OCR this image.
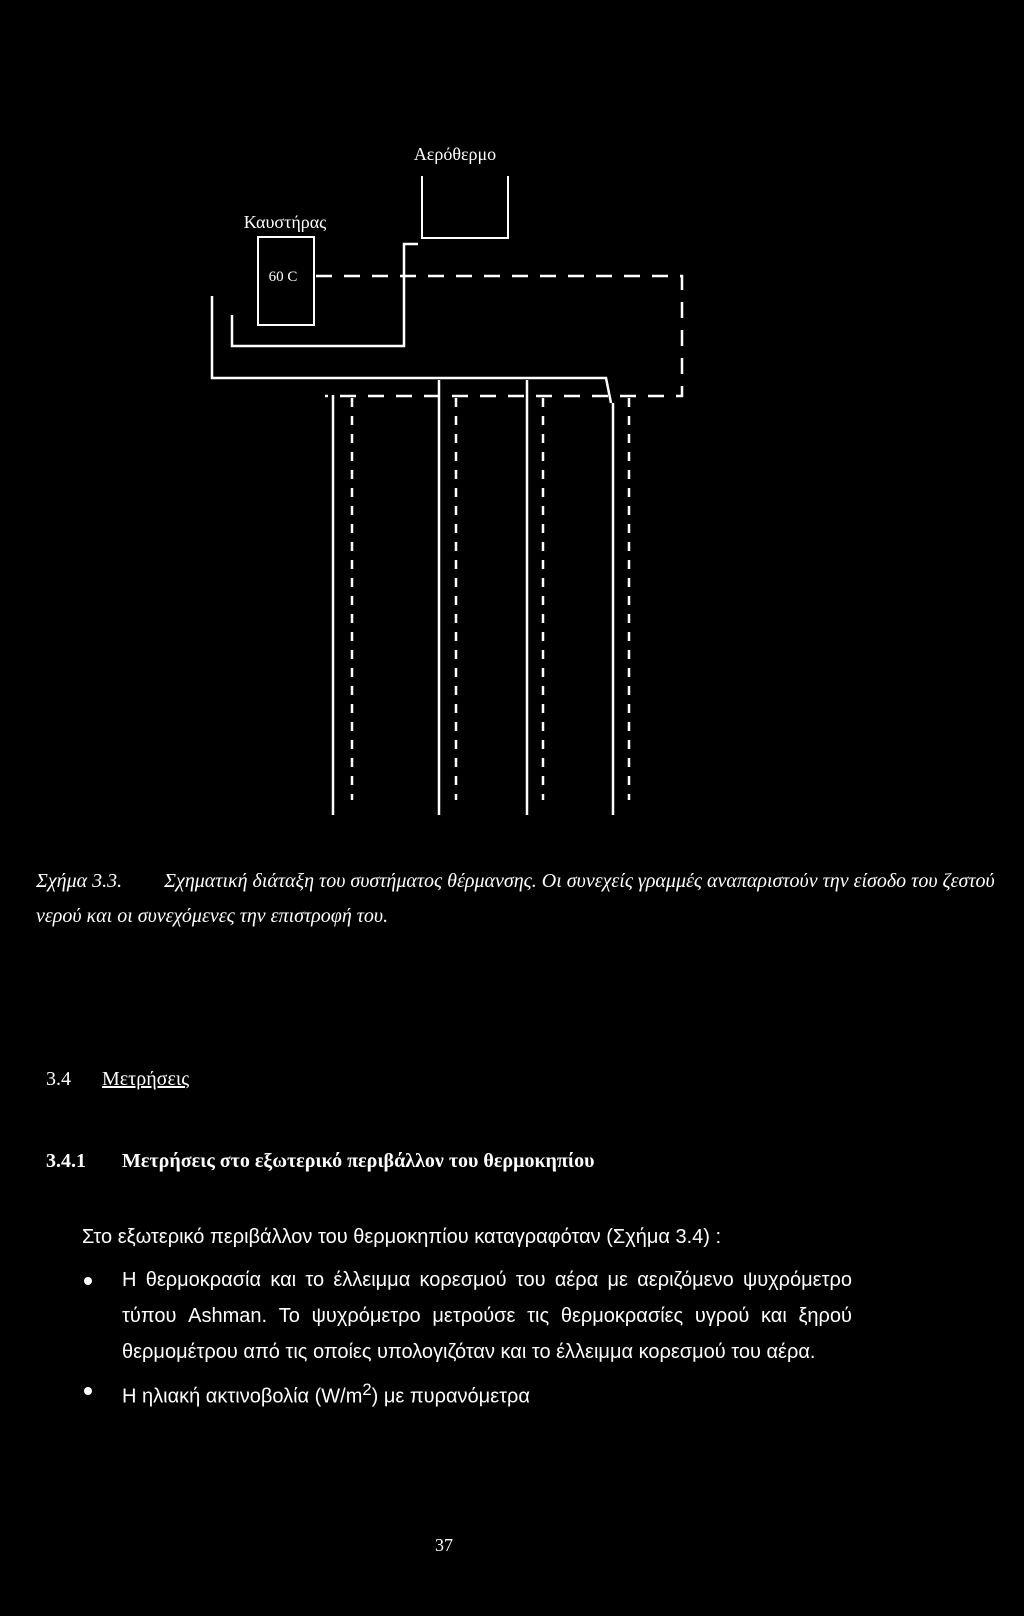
Αερόθερμο
Καυστήρας
60 C
Σχήμα 3.3. Σχηματική διάταξη του συστήματος θέρμανσης. Οι συνεχείς γραμμές αναπαριστούν την είσοδο του ζεστού νερού και οι συνεχόμενες την επιστροφή του.
3.4 Μετρήσεις
3.4.1 Μετρήσεις στο εξωτερικό περιβάλλον του θερμοκηπίου
Στο εξωτερικό περιβάλλον του θερμοκηπίου καταγραφόταν (Σχήμα 3.4) :
Η θερμοκρασία και το έλλειμμα κορεσμού του αέρα με αεριζόμενο ψυχρόμετρο τύπου Ashman. Το ψυχρόμετρο μετρούσε τις θερμοκρασίες υγρού και ξηρού θερμομέτρου από τις οποίες υπολογιζόταν και το έλλειμμα κορεσμού του αέρα.
Η ηλιακή ακτινοβολία $(W/m^2)$ με πυρανόμετρα
37
